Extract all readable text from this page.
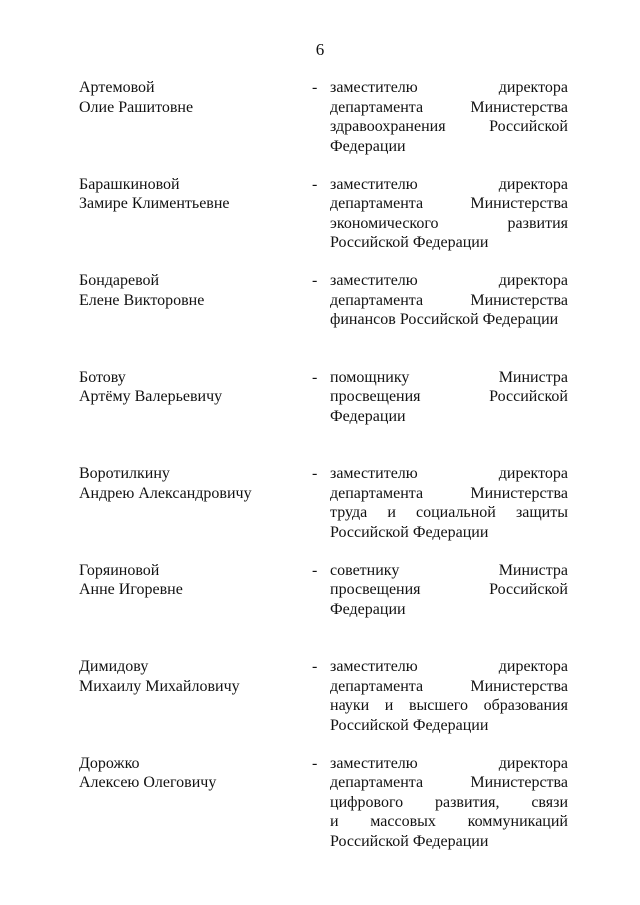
6
Артемовой
Олие Рашитовне
- заместителю	директора
департамента	Министерства
здравоохранения	Российской
Федерации
Барашкиновой
Замире Климентьевне
- заместителю	директора
департамента	Министерства
экономического	развития
Российской Федерации
Бондаревой
Елене Викторовне
- заместителю	директора
департамента	Министерства
финансов Российской Федерации
Ботову
Артёму Валерьевичу
- помощнику	Министра
просвещения	Российской
Федерации
Воротилкину
Андрею Александровичу
- заместителю	директора
департамента	Министерства
труда и социальной защиты
Российской Федерации
Горяиновой
Анне Игоревне
- советнику	Министра
просвещения	Российской
Федерации
Димидову
Михаилу Михайловичу
- заместителю	директора
департамента	Министерства
науки и высшего образования
Российской Федерации
Дорожко
Алексею Олеговичу
- заместителю	директора
департамента	Министерства
цифрового развития, связи
и массовых коммуникаций
Российской Федерации
